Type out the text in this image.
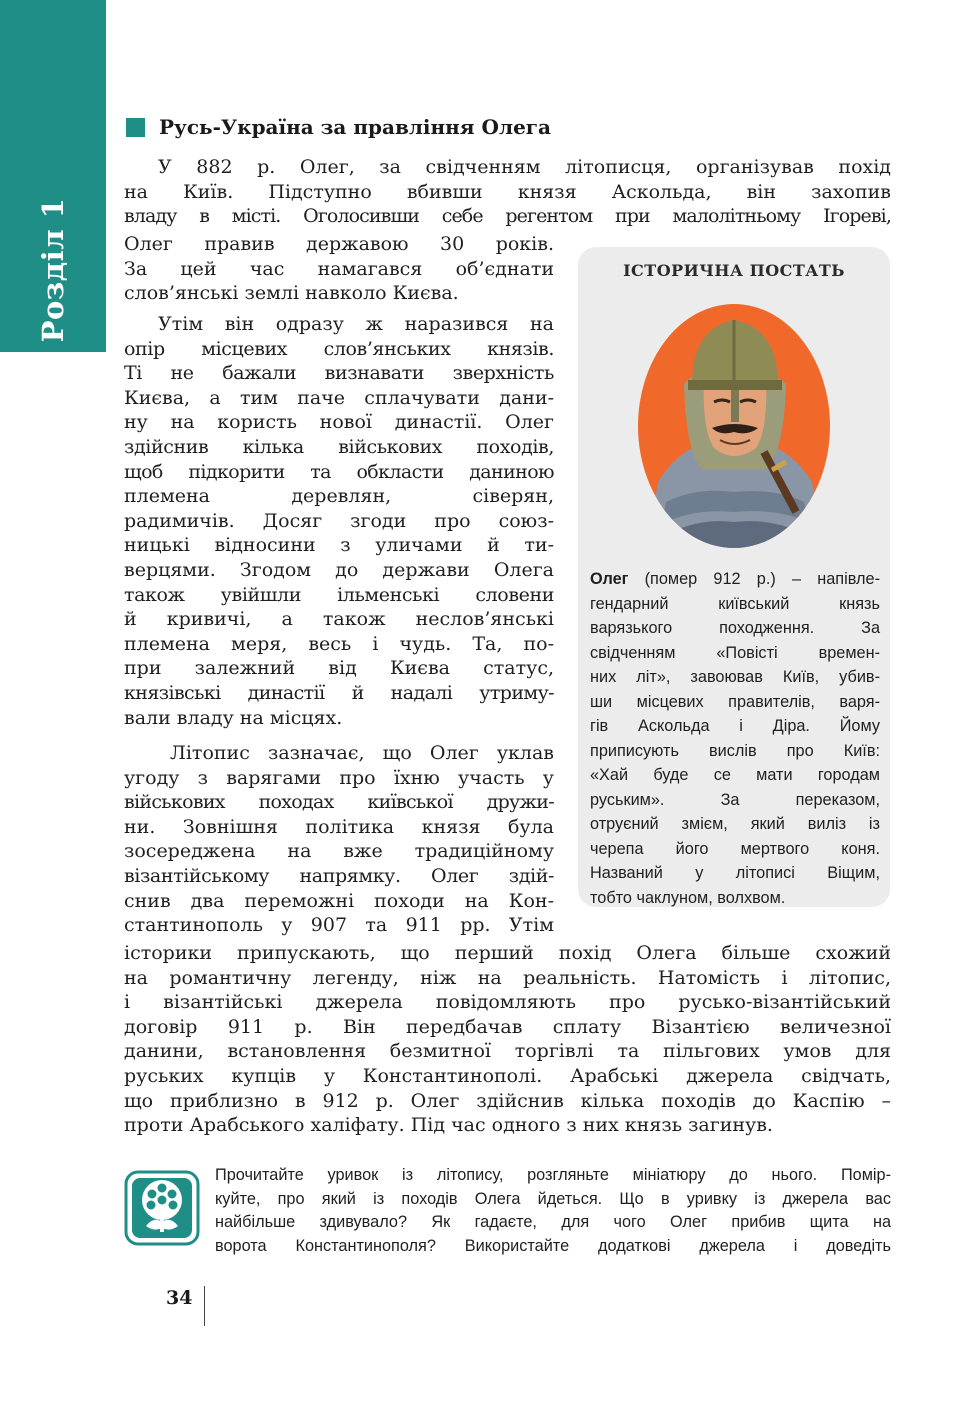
Розділ 1
Русь-Україна за правління Олега
У 882 р. Олег, за свідченням літописця, організував похід
на Київ. Підступно вбивши князя Аскольда, він захопив
владу в місті. Оголосивши себе регентом при малолітньому Ігореві,
Олег правив державою 30 років.
За цей час намагався об’єднати
слов’янські землі навколо Києва.
Утім він одразу ж наразився на
опір місцевих слов’янських князів.
Ті не бажали визнавати зверхність
Києва, а тим паче сплачувати дани-
ну на користь нової династії. Олег
здійснив кілька військових походів,
щоб підкорити та обкласти даниною
племена деревлян, сіверян,
радимичів. Досяг згоди про союз-
ницькі відносини з уличами й ти-
верцями. Згодом до держави Олега
також увійшли ільменські словени
й кривичі, а також неслов’янські
племена меря, весь і чудь. Та, по-
при залежний від Києва статус,
князівські династії й надалі утриму-
вали владу на місцях.
Літопис зазначає, що Олег уклав
угоду з варягами про їхню участь у
військових походах київської дружи-
ни. Зовнішня політика князя була
зосереджена на вже традиційному
візантійському напрямку. Олег здій-
снив два переможні походи на Кон-
стантинополь у 907 та 911 рр. Утім
історики припускають, що перший похід Олега більше схожий
на романтичну легенду, ніж на реальність. Натомість і літопис,
і візантійські джерела повідомляють про русько-візантійський
договір 911 р. Він передбачав сплату Візантією величезної
данини, встановлення безмитної торгівлі та пільгових умов для
руських купців у Константинополі. Арабські джерела свідчать,
що приблизно в 912 р. Олег здійснив кілька походів до Каспію –
проти Арабського халіфату. Під час одного з них князь загинув.
ІСТОРИЧНА ПОСТАТЬ
Олег (помер 912 р.) – напівле-
гендарний київський князь
варязького походження. За
свідченням «Повісті времен-
них літ», завоював Київ, убив-
ши місцевих правителів, варя-
гів Аскольда і Діра. Йому
приписують вислів про Київ:
«Хай буде се мати городам
руським». За переказом,
отруєний змієм, який виліз із
черепа його мертвого коня.
Названий у літописі Віщим,
тобто чаклуном, волхвом.
Прочитайте уривок із літопису, розгляньте мініатюру до нього. Помір-
куйте, про який із походів Олега йдеться. Що в уривку із джерела вас
найбільше здивувало? Як гадаєте, для чого Олег прибив щита на
ворота Константинополя? Використайте додаткові джерела і доведіть
34
